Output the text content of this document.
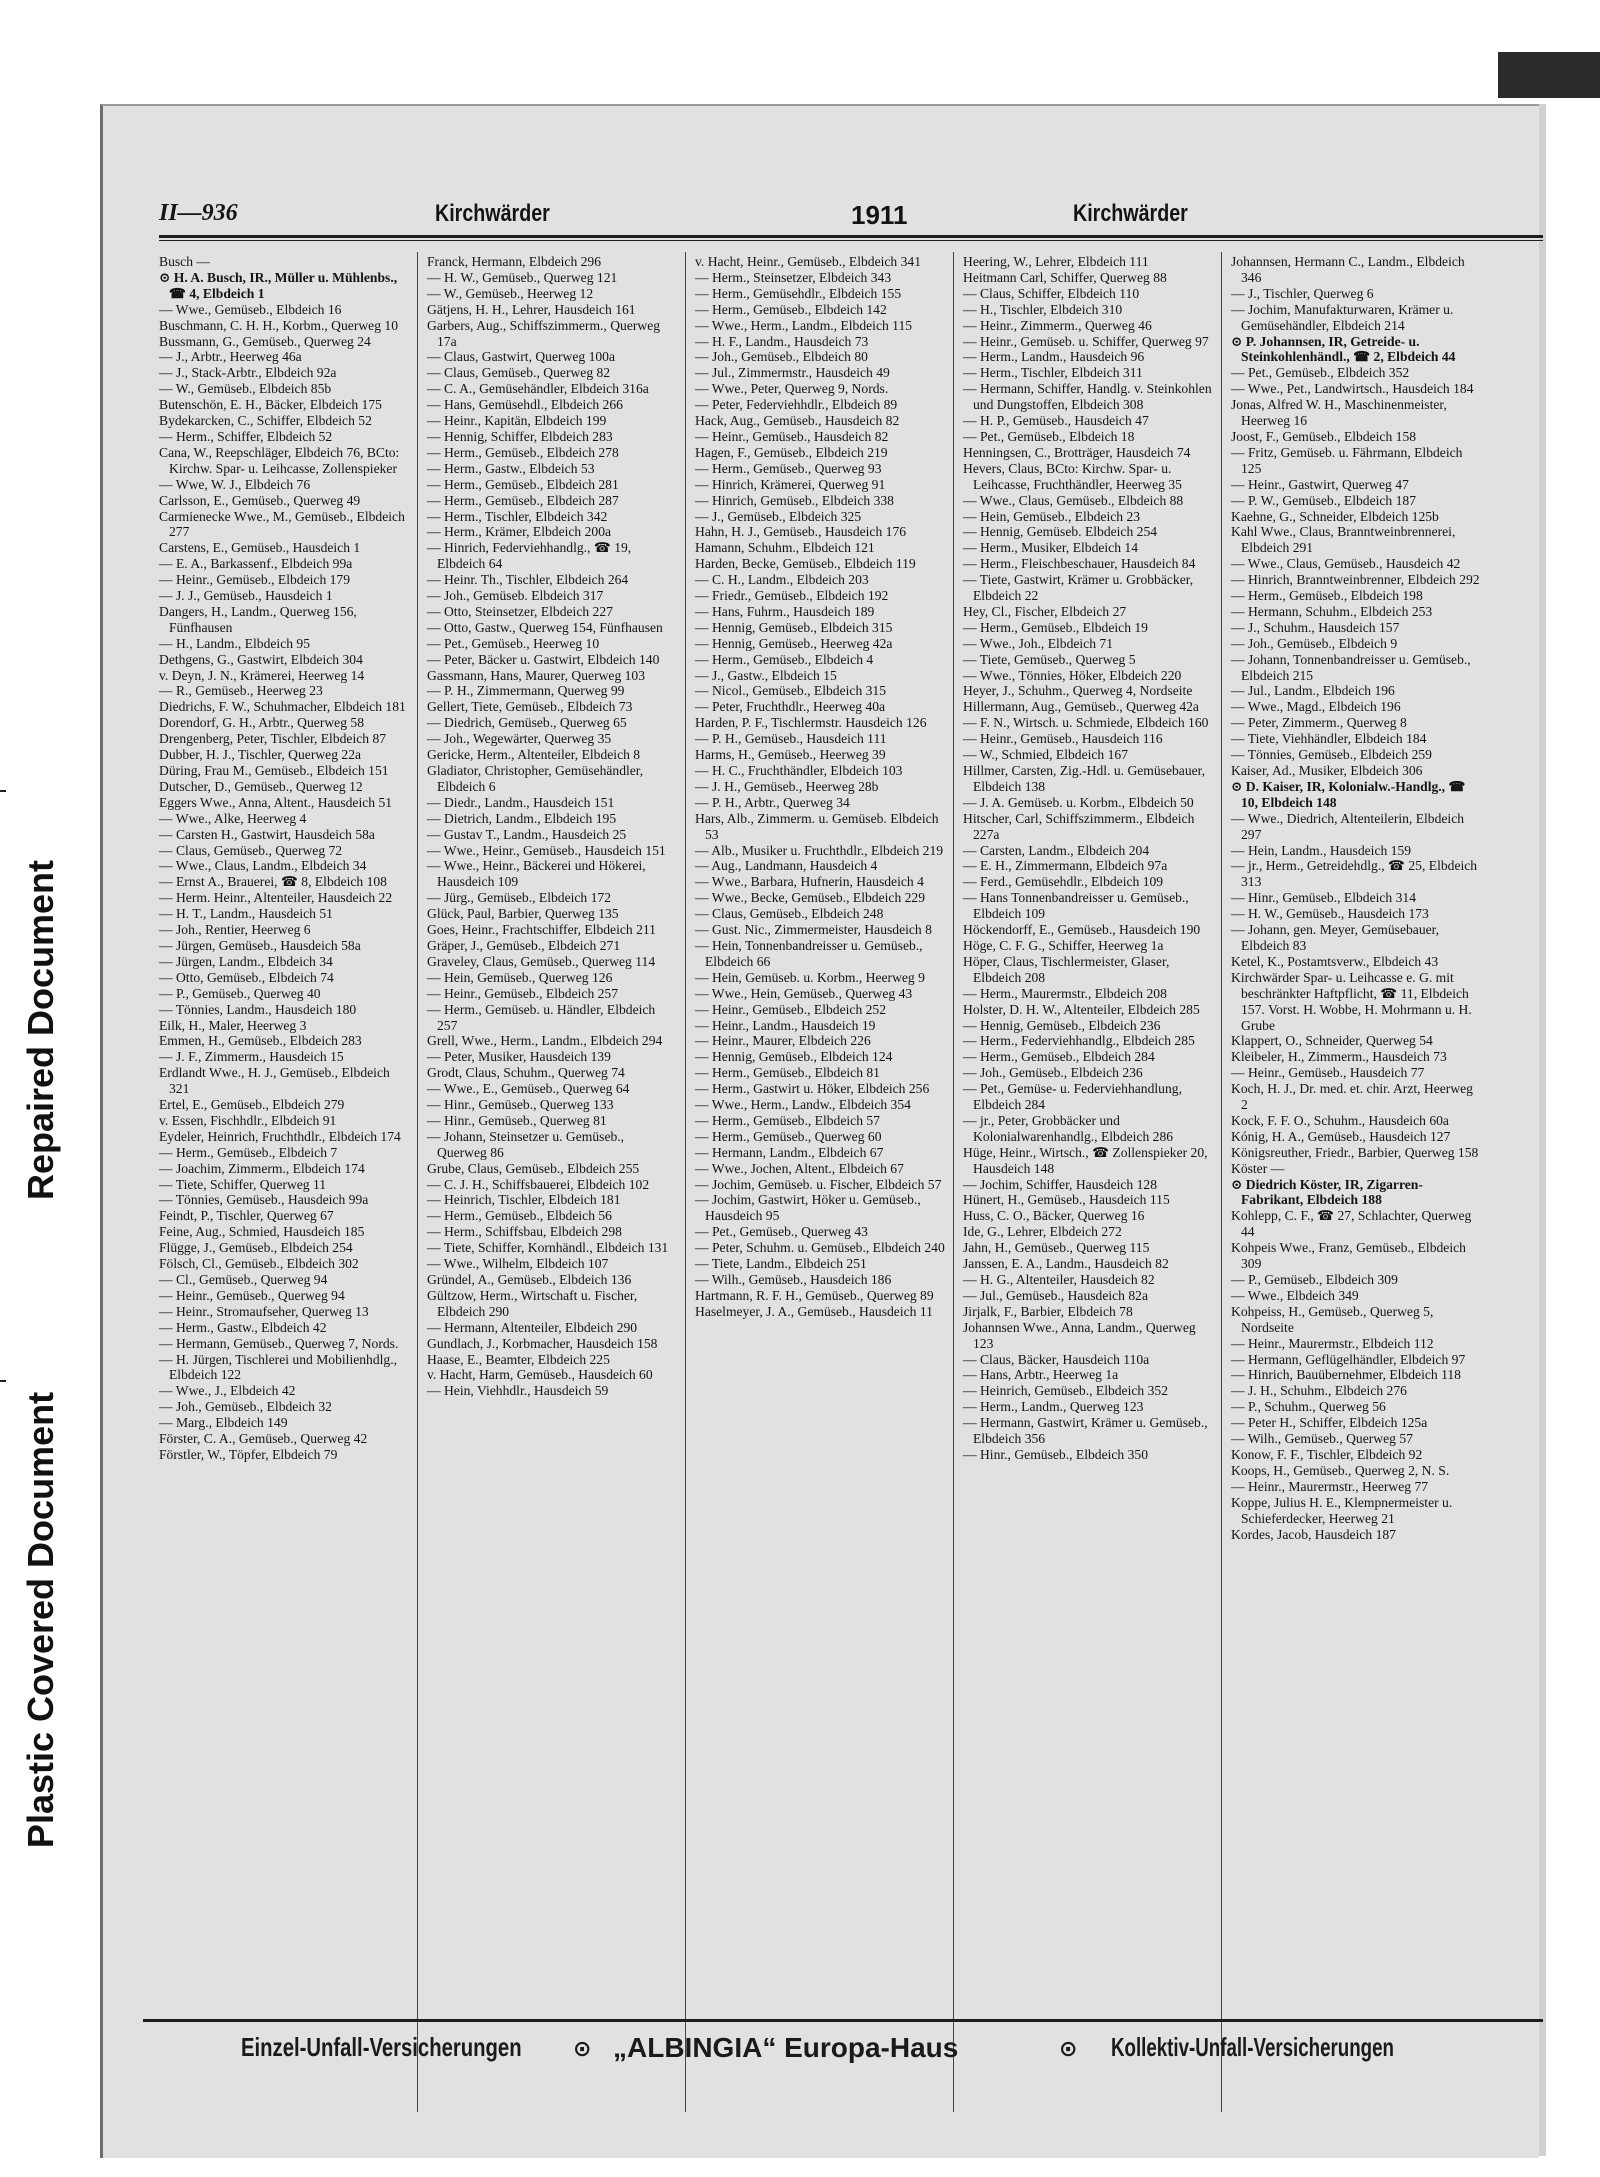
Repaired Document
Plastic Covered Document
II—936	Kirchwärder	1911	Kirchwärder

Busch —

⊙ H. A. Busch, IR., Müller u. Mühlenbs., ☎ 4, Elbdeich 1

— Wwe., Gemüseb., Elbdeich 16

Buschmann, C. H. H., Korbm., Querweg 10

Bussmann, G., Gemüseb., Querweg 24

— J., Arbtr., Heerweg 46a

— J., Stack-Arbtr., Elbdeich 92a

— W., Gemüseb., Elbdeich 85b

Butenschön, E. H., Bäcker, Elbdeich 175

Bydekarcken, C., Schiffer, Elbdeich 52

— Herm., Schiffer, Elbdeich 52

Cana, W., Reepschläger, Elbdeich 76, BCto: Kirchw. Spar- u. Leihcasse, Zollenspieker

— Wwe, W. J., Elbdeich 76

Carlsson, E., Gemüseb., Querweg 49

Carmienecke Wwe., M., Gemüseb., Elbdeich 277

Carstens, E., Gemüseb., Hausdeich 1

— E. A., Barkassenf., Elbdeich 99a

— Heinr., Gemüseb., Elbdeich 179

— J. J., Gemüseb., Hausdeich 1

Dangers, H., Landm., Querweg 156, Fünfhausen

— H., Landm., Elbdeich 95

Dethgens, G., Gastwirt, Elbdeich 304

v. Deyn, J. N., Krämerei, Heerweg 14

— R., Gemüseb., Heerweg 23

Diedrichs, F. W., Schuhmacher, Elbdeich 181

Dorendorf, G. H., Arbtr., Querweg 58

Drengenberg, Peter, Tischler, Elbdeich 87

Dubber, H. J., Tischler, Querweg 22a

Düring, Frau M., Gemüseb., Elbdeich 151

Dutscher, D., Gemüseb., Querweg 12

Eggers Wwe., Anna, Altent., Hausdeich 51

— Wwe., Alke, Heerweg 4

— Carsten H., Gastwirt, Hausdeich 58a

— Claus, Gemüseb., Querweg 72

— Wwe., Claus, Landm., Elbdeich 34

— Ernst A., Brauerei, ☎ 8, Elbdeich 108

— Herm. Heinr., Altenteiler, Hausdeich 22

— H. T., Landm., Hausdeich 51

— Joh., Rentier, Heerweg 6

— Jürgen, Gemüseb., Hausdeich 58a

— Jürgen, Landm., Elbdeich 34

— Otto, Gemüseb., Elbdeich 74

— P., Gemüseb., Querweg 40

— Tönnies, Landm., Hausdeich 180

Eilk, H., Maler, Heerweg 3

Emmen, H., Gemüseb., Elbdeich 283

— J. F., Zimmerm., Hausdeich 15

Erdlandt Wwe., H. J., Gemüseb., Elbdeich 321

Ertel, E., Gemüseb., Elbdeich 279

v. Essen, Fischhdlr., Elbdeich 91

Eydeler, Heinrich, Fruchthdlr., Elbdeich 174

— Herm., Gemüseb., Elbdeich 7

— Joachim, Zimmerm., Elbdeich 174

— Tiete, Schiffer, Querweg 11

— Tönnies, Gemüseb., Hausdeich 99a

Feindt, P., Tischler, Querweg 67

Feine, Aug., Schmied, Hausdeich 185

Flügge, J., Gemüseb., Elbdeich 254

Fölsch, Cl., Gemüseb., Elbdeich 302

— Cl., Gemüseb., Querweg 94

— Heinr., Gemüseb., Querweg 94

— Heinr., Stromaufseher, Querweg 13

— Herm., Gastw., Elbdeich 42

— Hermann, Gemüseb., Querweg 7, Nords.

— H. Jürgen, Tischlerei und Mobilienhdlg., Elbdeich 122

— Wwe., J., Elbdeich 42

— Joh., Gemüseb., Elbdeich 32

— Marg., Elbdeich 149

Förster, C. A., Gemüseb., Querweg 42

Förstler, W., Töpfer, Elbdeich 79

Franck, Hermann, Elbdeich 296

— H. W., Gemüseb., Querweg 121

— W., Gemüseb., Heerweg 12

Gätjens, H. H., Lehrer, Hausdeich 161

Garbers, Aug., Schiffszimmerm., Querweg 17a

— Claus, Gastwirt, Querweg 100a

— Claus, Gemüseb., Querweg 82

— C. A., Gemüsehändler, Elbdeich 316a

— Hans, Gemüsehdl., Elbdeich 266

— Heinr., Kapitän, Elbdeich 199

— Hennig, Schiffer, Elbdeich 283

— Herm., Gemüseb., Elbdeich 278

— Herm., Gastw., Elbdeich 53

— Herm., Gemüseb., Elbdeich 281

— Herm., Gemüseb., Elbdeich 287

— Herm., Tischler, Elbdeich 342

— Herm., Krämer, Elbdeich 200a

— Hinrich, Federviehhandlg., ☎ 19, Elbdeich 64

— Heinr. Th., Tischler, Elbdeich 264

— Joh., Gemüseb. Elbdeich 317

— Otto, Steinsetzer, Elbdeich 227

— Otto, Gastw., Querweg 154, Fünfhausen

— Pet., Gemüseb., Heerweg 10

— Peter, Bäcker u. Gastwirt, Elbdeich 140

Gassmann, Hans, Maurer, Querweg 103

— P. H., Zimmermann, Querweg 99

Gellert, Tiete, Gemüseb., Elbdeich 73

— Diedrich, Gemüseb., Querweg 65

— Joh., Wegewärter, Querweg 35

Gericke, Herm., Altenteiler, Elbdeich 8

Gladiator, Christopher, Gemüsehändler, Elbdeich 6

— Diedr., Landm., Hausdeich 151

— Dietrich, Landm., Elbdeich 195

— Gustav T., Landm., Hausdeich 25

— Wwe., Heinr., Gemüseb., Hausdeich 151

— Wwe., Heinr., Bäckerei und Hökerei, Hausdeich 109

— Jürg., Gemüseb., Elbdeich 172

Glück, Paul, Barbier, Querweg 135

Goes, Heinr., Frachtschiffer, Elbdeich 211

Gräper, J., Gemüseb., Elbdeich 271

Graveley, Claus, Gemüseb., Querweg 114

— Hein, Gemüseb., Querweg 126

— Heinr., Gemüseb., Elbdeich 257

— Herm., Gemüseb. u. Händler, Elbdeich 257

Grell, Wwe., Herm., Landm., Elbdeich 294

— Peter, Musiker, Hausdeich 139

Grodt, Claus, Schuhm., Querweg 74

— Wwe., E., Gemüseb., Querweg 64

— Hinr., Gemüseb., Querweg 133

— Hinr., Gemüseb., Querweg 81

— Johann, Steinsetzer u. Gemüseb., Querweg 86

Grube, Claus, Gemüseb., Elbdeich 255

— C. J. H., Schiffsbauerei, Elbdeich 102

— Heinrich, Tischler, Elbdeich 181

— Herm., Gemüseb., Elbdeich 56

— Herm., Schiffsbau, Elbdeich 298

— Tiete, Schiffer, Kornhändl., Elbdeich 131

— Wwe., Wilhelm, Elbdeich 107

Gründel, A., Gemüseb., Elbdeich 136

Gültzow, Herm., Wirtschaft u. Fischer, Elbdeich 290

— Hermann, Altenteiler, Elbdeich 290

Gundlach, J., Korbmacher, Hausdeich 158

Haase, E., Beamter, Elbdeich 225

v. Hacht, Harm, Gemüseb., Hausdeich 60

— Hein, Viehhdlr., Hausdeich 59

v. Hacht, Heinr., Gemüseb., Elbdeich 341

— Herm., Steinsetzer, Elbdeich 343

— Herm., Gemüsehdlr., Elbdeich 155

— Herm., Gemüseb., Elbdeich 142

— Wwe., Herm., Landm., Elbdeich 115

— H. F., Landm., Hausdeich 73

— Joh., Gemüseb., Elbdeich 80

— Jul., Zimmermstr., Hausdeich 49

— Wwe., Peter, Querweg 9, Nords.

— Peter, Federviehhdlr., Elbdeich 89

Hack, Aug., Gemüseb., Hausdeich 82

— Heinr., Gemüseb., Hausdeich 82

Hagen, F., Gemüseb., Elbdeich 219

— Herm., Gemüseb., Querweg 93

— Hinrich, Krämerei, Querweg 91

— Hinrich, Gemüseb., Elbdeich 338

— J., Gemüseb., Elbdeich 325

Hahn, H. J., Gemüseb., Hausdeich 176

Hamann, Schuhm., Elbdeich 121

Harden, Becke, Gemüseb., Elbdeich 119

— C. H., Landm., Elbdeich 203

— Friedr., Gemüseb., Elbdeich 192

— Hans, Fuhrm., Hausdeich 189

— Hennig, Gemüseb., Elbdeich 315

— Hennig, Gemüseb., Heerweg 42a

— Herm., Gemüseb., Elbdeich 4

— J., Gastw., Elbdeich 15

— Nicol., Gemüseb., Elbdeich 315

— Peter, Fruchthdlr., Heerweg 40a

Harden, P. F., Tischlermstr. Hausdeich 126

— P. H., Gemüseb., Hausdeich 111

Harms, H., Gemüseb., Heerweg 39

— H. C., Fruchthändler, Elbdeich 103

— J. H., Gemüseb., Heerweg 28b

— P. H., Arbtr., Querweg 34

Hars, Alb., Zimmerm. u. Gemüseb. Elbdeich 53

— Alb., Musiker u. Fruchthdlr., Elbdeich 219

— Aug., Landmann, Hausdeich 4

— Wwe., Barbara, Hufnerin, Hausdeich 4

— Wwe., Becke, Gemüseb., Elbdeich 229

— Claus, Gemüseb., Elbdeich 248

— Gust. Nic., Zimmermeister, Hausdeich 8

— Hein, Tonnenbandreisser u. Gemüseb., Elbdeich 66

— Hein, Gemüseb. u. Korbm., Heerweg 9

— Wwe., Hein, Gemüseb., Querweg 43

— Heinr., Gemüseb., Elbdeich 252

— Heinr., Landm., Hausdeich 19

— Heinr., Maurer, Elbdeich 226

— Hennig, Gemüseb., Elbdeich 124

— Herm., Gemüseb., Elbdeich 81

— Herm., Gastwirt u. Höker, Elbdeich 256

— Wwe., Herm., Landw., Elbdeich 354

— Herm., Gemüseb., Elbdeich 57

— Herm., Gemüseb., Querweg 60

— Hermann, Landm., Elbdeich 67

— Wwe., Jochen, Altent., Elbdeich 67

— Jochim, Gemüseb. u. Fischer, Elbdeich 57

— Jochim, Gastwirt, Höker u. Gemüseb., Hausdeich 95

— Pet., Gemüseb., Querweg 43

— Peter, Schuhm. u. Gemüseb., Elbdeich 240

— Tiete, Landm., Elbdeich 251

— Wilh., Gemüseb., Hausdeich 186

Hartmann, R. F. H., Gemüseb., Querweg 89

Haselmeyer, J. A., Gemüseb., Hausdeich 11

Heering, W., Lehrer, Elbdeich 111

Heitmann Carl, Schiffer, Querweg 88

— Claus, Schiffer, Elbdeich 110

— H., Tischler, Elbdeich 310

— Heinr., Zimmerm., Querweg 46

— Heinr., Gemüseb. u. Schiffer, Querweg 97

— Herm., Landm., Hausdeich 96

— Herm., Tischler, Elbdeich 311

— Hermann, Schiffer, Handlg. v. Steinkohlen und Dungstoffen, Elbdeich 308

— H. P., Gemüseb., Hausdeich 47

— Pet., Gemüseb., Elbdeich 18

Henningsen, C., Brotträger, Hausdeich 74

Hevers, Claus, BCto: Kirchw. Spar- u. Leihcasse, Fruchthändler, Heerweg 35

— Wwe., Claus, Gemüseb., Elbdeich 88

— Hein, Gemüseb., Elbdeich 23

— Hennig, Gemüseb. Elbdeich 254

— Herm., Musiker, Elbdeich 14

— Herm., Fleischbeschauer, Hausdeich 84

— Tiete, Gastwirt, Krämer u. Grobbäcker, Elbdeich 22

Hey, Cl., Fischer, Elbdeich 27

— Herm., Gemüseb., Elbdeich 19

— Wwe., Joh., Elbdeich 71

— Tiete, Gemüseb., Querweg 5

— Wwe., Tönnies, Höker, Elbdeich 220

Heyer, J., Schuhm., Querweg 4, Nordseite

Hillermann, Aug., Gemüseb., Querweg 42a

— F. N., Wirtsch. u. Schmiede, Elbdeich 160

— Heinr., Gemüseb., Hausdeich 116

— W., Schmied, Elbdeich 167

Hillmer, Carsten, Zig.-Hdl. u. Gemüsebauer, Elbdeich 138

— J. A. Gemüseb. u. Korbm., Elbdeich 50

Hitscher, Carl, Schiffszimmerm., Elbdeich 227a

— Carsten, Landm., Elbdeich 204

— E. H., Zimmermann, Elbdeich 97a

— Ferd., Gemüsehdlr., Elbdeich 109

— Hans Tonnenbandreisser u. Gemüseb., Elbdeich 109

Höckendorff, E., Gemüseb., Hausdeich 190

Höge, C. F. G., Schiffer, Heerweg 1a

Höper, Claus, Tischlermeister, Glaser, Elbdeich 208

— Herm., Maurermstr., Elbdeich 208

Holster, D. H. W., Altenteiler, Elbdeich 285

— Hennig, Gemüseb., Elbdeich 236

— Herm., Federviehhandlg., Elbdeich 285

— Herm., Gemüseb., Elbdeich 284

— Joh., Gemüseb., Elbdeich 236

— Pet., Gemüse- u. Federviehhandlung, Elbdeich 284

— jr., Peter, Grobbäcker und Kolonialwarenhandlg., Elbdeich 286

Hüge, Heinr., Wirtsch., ☎ Zollenspieker 20, Hausdeich 148

— Jochim, Schiffer, Hausdeich 128

Hünert, H., Gemüseb., Hausdeich 115

Huss, C. O., Bäcker, Querweg 16

Ide, G., Lehrer, Elbdeich 272

Jahn, H., Gemüseb., Querweg 115

Janssen, E. A., Landm., Hausdeich 82

— H. G., Altenteiler, Hausdeich 82

— Jul., Gemüseb., Hausdeich 82a

Jirjalk, F., Barbier, Elbdeich 78

Johannsen Wwe., Anna, Landm., Querweg 123

— Claus, Bäcker, Hausdeich 110a

— Hans, Arbtr., Heerweg 1a

— Heinrich, Gemüseb., Elbdeich 352

— Herm., Landm., Querweg 123

— Hermann, Gastwirt, Krämer u. Gemüseb., Elbdeich 356

— Hinr., Gemüseb., Elbdeich 350

Johannsen, Hermann C., Landm., Elbdeich 346

— J., Tischler, Querweg 6

— Jochim, Manufakturwaren, Krämer u. Gemüsehändler, Elbdeich 214

⊙ P. Johannsen, IR, Getreide- u. Steinkohlenhändl., ☎ 2, Elbdeich 44

— Pet., Gemüseb., Elbdeich 352

— Wwe., Pet., Landwirtsch., Hausdeich 184

Jonas, Alfred W. H., Maschinenmeister, Heerweg 16

Joost, F., Gemüseb., Elbdeich 158

— Fritz, Gemüseb. u. Fährmann, Elbdeich 125

— Heinr., Gastwirt, Querweg 47

— P. W., Gemüseb., Elbdeich 187

Kaehne, G., Schneider, Elbdeich 125b

Kahl Wwe., Claus, Branntweinbrennerei, Elbdeich 291

— Wwe., Claus, Gemüseb., Hausdeich 42

— Hinrich, Branntweinbrenner, Elbdeich 292

— Herm., Gemüseb., Elbdeich 198

— Hermann, Schuhm., Elbdeich 253

— J., Schuhm., Hausdeich 157

— Joh., Gemüseb., Elbdeich 9

— Johann, Tonnenbandreisser u. Gemüseb., Elbdeich 215

— Jul., Landm., Elbdeich 196

— Wwe., Magd., Elbdeich 196

— Peter, Zimmerm., Querweg 8

— Tiete, Viehhändler, Elbdeich 184

— Tönnies, Gemüseb., Elbdeich 259

Kaiser, Ad., Musiker, Elbdeich 306

⊙ D. Kaiser, IR, Kolonialw.-Handlg., ☎ 10, Elbdeich 148

— Wwe., Diedrich, Altenteilerin, Elbdeich 297

— Hein, Landm., Hausdeich 159

— jr., Herm., Getreidehdlg., ☎ 25, Elbdeich 313

— Hinr., Gemüseb., Elbdeich 314

— H. W., Gemüseb., Hausdeich 173

— Johann, gen. Meyer, Gemüsebauer, Elbdeich 83

Ketel, K., Postamtsverw., Elbdeich 43

Kirchwärder Spar- u. Leihcasse e. G. mit beschränkter Haftpflicht, ☎ 11, Elbdeich 157. Vorst. H. Wobbe, H. Mohrmann u. H. Grube

Klappert, O., Schneider, Querweg 54

Kleibeler, H., Zimmerm., Hausdeich 73

— Heinr., Gemüseb., Hausdeich 77

Koch, H. J., Dr. med. et. chir. Arzt, Heerweg 2

Kock, F. F. O., Schuhm., Hausdeich 60a

Kónig, H. A., Gemüseb., Hausdeich 127

Königsreuther, Friedr., Barbier, Querweg 158

Köster —

⊙ Diedrich Köster, IR, Zigarren-Fabrikant, Elbdeich 188

Kohlepp, C. F., ☎ 27, Schlachter, Querweg 44

Kohpeis Wwe., Franz, Gemüseb., Elbdeich 309

— P., Gemüseb., Elbdeich 309

— Wwe., Elbdeich 349

Kohpeiss, H., Gemüseb., Querweg 5, Nordseite

— Heinr., Maurermstr., Elbdeich 112

— Hermann, Geflügelhändler, Elbdeich 97

— Hinrich, Bauübernehmer, Elbdeich 118

— J. H., Schuhm., Elbdeich 276

— P., Schuhm., Querweg 56

— Peter H., Schiffer, Elbdeich 125a

— Wilh., Gemüseb., Querweg 57

Konow, F. F., Tischler, Elbdeich 92

Koops, H., Gemüseb., Querweg 2, N. S.

— Heinr., Maurermstr., Heerweg 77

Koppe, Julius H. E., Klempnermeister u. Schieferdecker, Heerweg 21

Kordes, Jacob, Hausdeich 187

Einzel-Unfall-Versicherungen ⊙ „ALBINGIA“ Europa-Haus	⊙ Kollektiv-Unfall-Versicherungen
